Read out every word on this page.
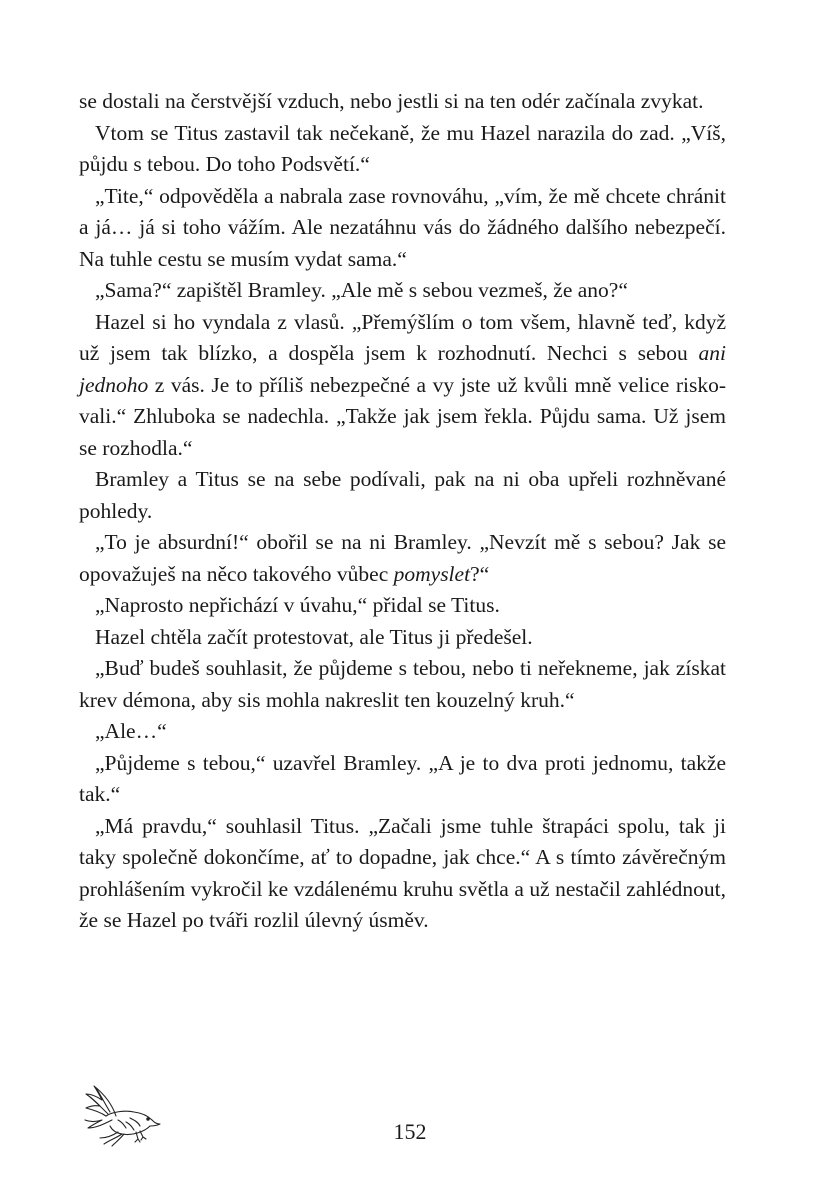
se dostali na čerstvější vzduch, nebo jestli si na ten odér začínala zvykat.

Vtom se Titus zastavil tak nečekaně, že mu Hazel narazila do zad. „Víš, půjdu s tebou. Do toho Podsvětí.“

„Tite,“ odpověděla a nabrala zase rovnováhu, „vím, že mě chcete chránit a já… já si toho vážím. Ale nezatáhnu vás do žádného dalšího nebezpečí. Na tuhle cestu se musím vydat sama.“

„Sama?“ zapištěl Bramley. „Ale mě s sebou vezmeš, že ano?“

Hazel si ho vyndala z vlasů. „Přemýšlím o tom všem, hlavně teď, když už jsem tak blízko, a dospěla jsem k rozhodnutí. Nechci s sebou ani jednoho z vás. Je to příliš nebezpečné a vy jste už kvůli mně velice riskovali.“ Zhluboka se nadechla. „Takže jak jsem řekla. Půjdu sama. Už jsem se rozhodla.“

Bramley a Titus se na sebe podívali, pak na ni oba upřeli rozhněvané pohledy.

„To je absurdní!“ obořil se na ni Bramley. „Nevzít mě s sebou? Jak se opovažuješ na něco takového vůbec pomyslet?“

„Naprosto nepřichází v úvahu,“ přidal se Titus.

Hazel chtěla začít protestovat, ale Titus ji předešel.

„Buď budeš souhlasit, že půjdeme s tebou, nebo ti neřekneme, jak získat krev démona, aby sis mohla nakreslit ten kouzelný kruh.“

„Ale…“

„Půjdeme s tebou,“ uzavřel Bramley. „A je to dva proti jednomu, takže tak.“

„Má pravdu,“ souhlasil Titus. „Začali jsme tuhle štrapáci spolu, tak ji taky společně dokončíme, ať to dopadne, jak chce.“ A s tímto závěrečným prohlášením vykročil ke vzdálenému kruhu světla a už nestačil zahlédnout, že se Hazel po tváři rozlil úlevný úsměv.

152
